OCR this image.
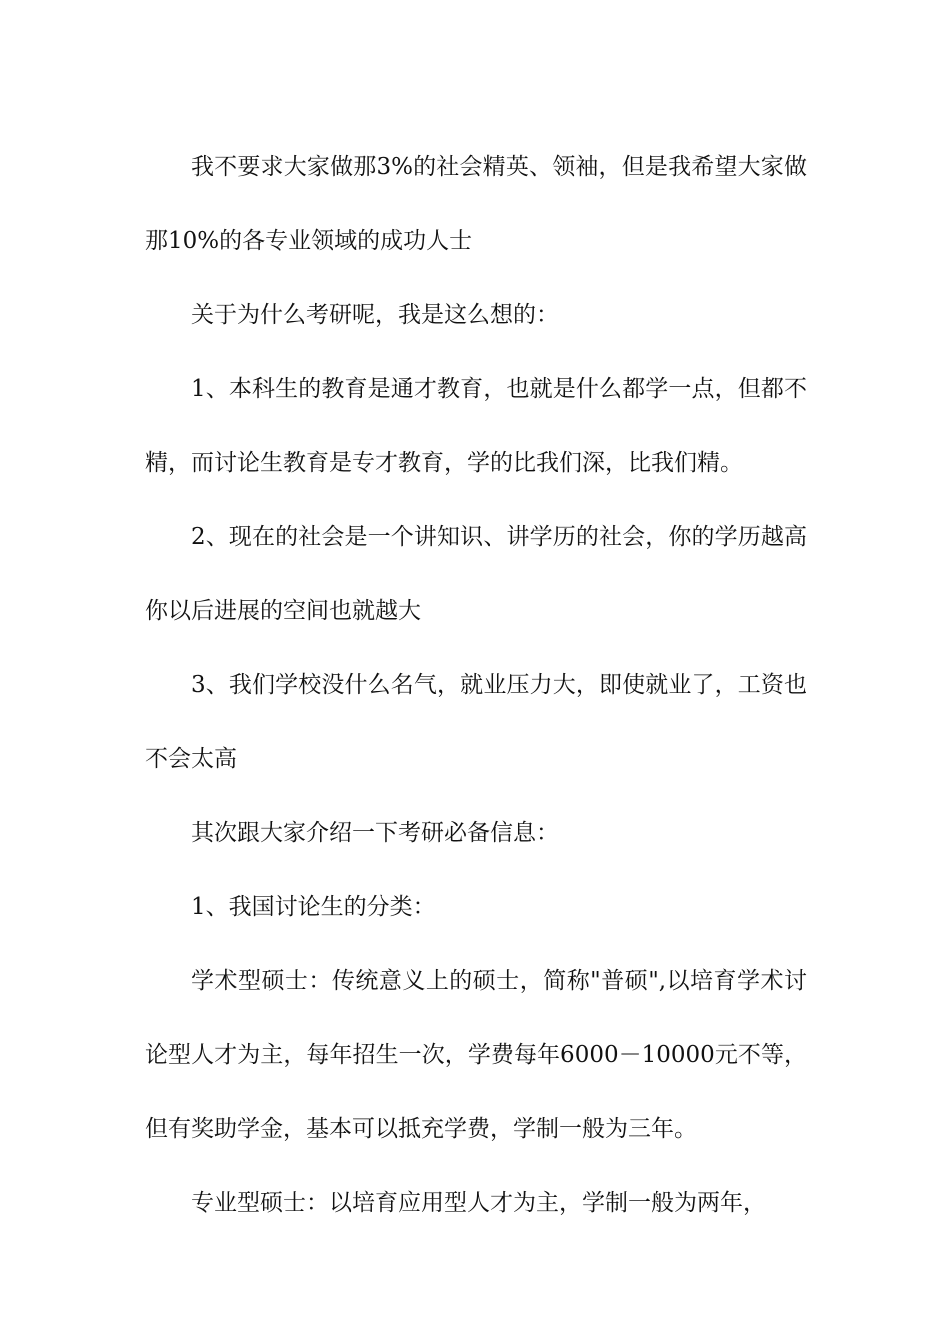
我不要求大家做那3%的社会精英、领袖，但是我希望大家做那10%的各专业领域的成功人士

关于为什么考研呢，我是这么想的：

1、本科生的教育是通才教育，也就是什么都学一点，但都不精，而讨论生教育是专才教育，学的比我们深，比我们精。

2、现在的社会是一个讲知识、讲学历的社会，你的学历越高你以后进展的空间也就越大

3、我们学校没什么名气，就业压力大，即使就业了，工资也不会太高

其次跟大家介绍一下考研必备信息：

1、我国讨论生的分类：

学术型硕士：传统意义上的硕士，简称"普硕",以培育学术讨论型人才为主，每年招生一次，学费每年6000－10000元不等，但有奖助学金，基本可以抵充学费，学制一般为三年。

专业型硕士：以培育应用型人才为主，学制一般为两年，
